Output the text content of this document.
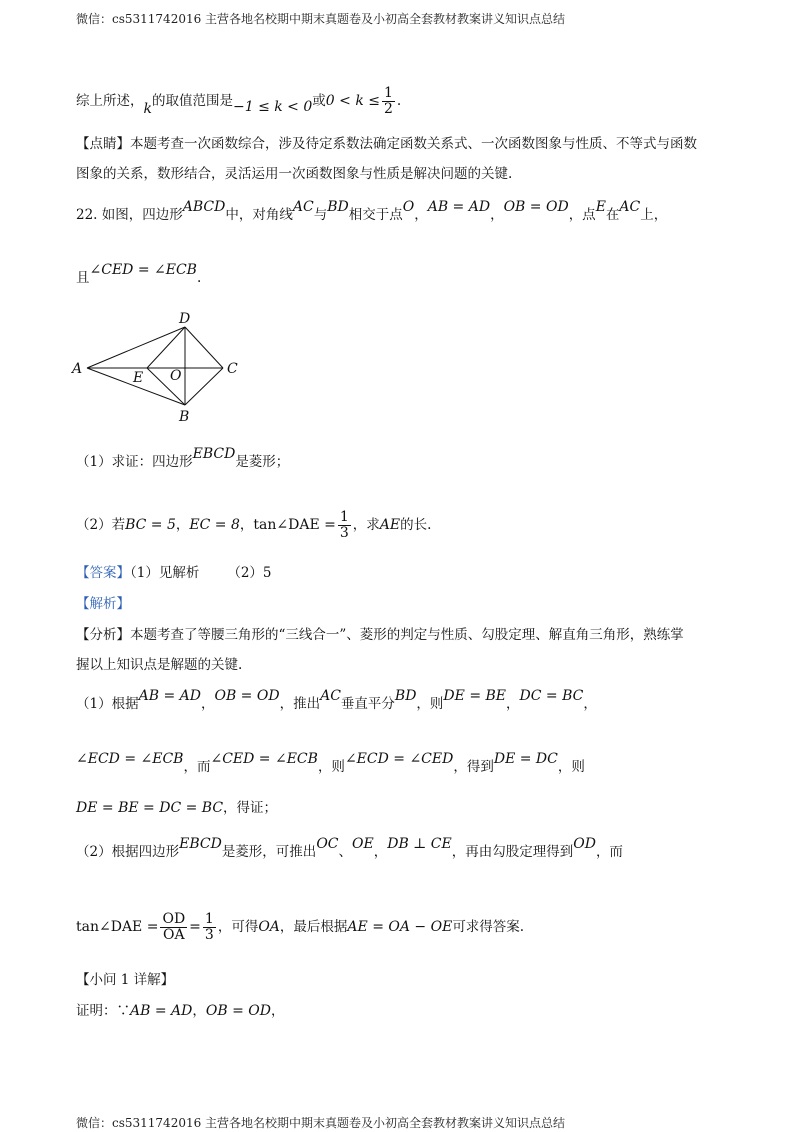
微信：cs5311742016 主营各地名校期中期末真题卷及小初高全套教材教案讲义知识点总结
综上所述，k的取值范围是−1 ≤ k < 0或$0 < k \le \frac{1}{2}$ .
【点睛】本题考查一次函数综合，涉及待定系数法确定函数关系式、一次函数图象与性质、不等式与函数
图象的关系，数形结合，灵活运用一次函数图象与性质是解决问题的关键.
22. 如图，四边形ABCD中，对角线AC与BD相交于点O，AB = AD，OB = OD，点E在AC上，
且∠CED = ∠ECB.
A
D
C
B
E O
（1）求证：四边形EBCD是菱形；
（2）若BC = 5，EC = 8，tan∠DAE = $\frac{1}{3}$ ，求AE的长.
【答案】（1）见解析 （2）5
【解析】
【分析】本题考查了等腰三角形的“三线合一”、菱形的判定与性质、勾股定理、解直角三角形，熟练掌
握以上知识点是解题的关键.
（1）根据AB = AD，OB = OD，推出AC垂直平分BD，则DE = BE，DC = BC，
∠ECD = ∠ECB，而∠CED = ∠ECB，则∠ECD = ∠CED，得到DE = DC，则
DE = BE = DC = BC，得证；
（2）根据四边形EBCD是菱形，可推出OC、OE，DB ⊥ CE，再由勾股定理得到OD，而
tan∠DAE = $\frac{OD}{OA} = \frac{1}{3}$ ，可得OA，最后根据AE = OA − OE可求得答案.
【小问 1 详解】
证明：∵AB = AD，OB = OD，
微信：cs5311742016 主营各地名校期中期末真题卷及小初高全套教材教案讲义知识点总结
